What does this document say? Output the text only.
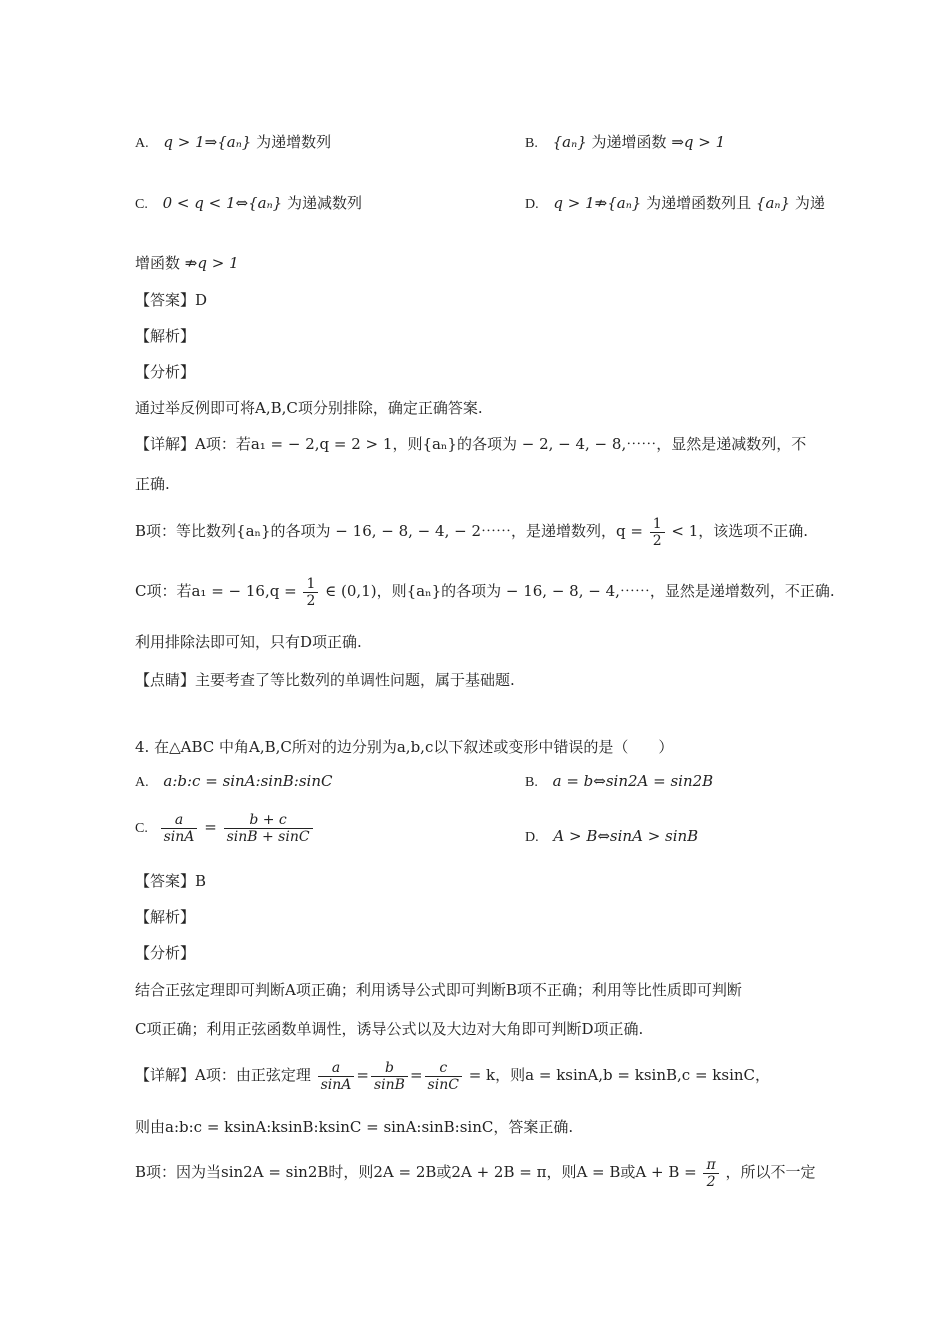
A. q > 1⇒{aₙ} 为递增数列	B. {aₙ} 为递增函数 ⇒q > 1
C. 0 < q < 1⇔{aₙ} 为递减数列	D. q > 1⇏{aₙ} 为递增函数列且 {aₙ} 为递
增函数 ⇏q > 1
【答案】D
【解析】
【分析】
通过举反例即可将A,B,C项分别排除，确定正确答案.
【详解】A项：若a₁ = − 2,q = 2 > 1，则{aₙ}的各项为 − 2, − 4, − 8,⋯⋯，显然是递减数列，不
正确.
B项：等比数列{aₙ}的各项为 − 16, − 8, − 4, − 2⋯⋯，是递增数列，$q = \frac{1}{2} < 1$，该选项不正确.
C项：若a₁ = − $16,q = \frac{1}{2}$ ∈ (0,1)，则{aₙ}的各项为 − 16, − 8, − 4,⋯⋯，显然是递增数列，不正确.
利用排除法即可知，只有D项正确.
【点睛】主要考查了等比数列的单调性问题，属于基础题.
4. 在△ABC 中角A,B,C所对的边分别为a,b,c以下叙述或变形中错误的是（　　）
A. a:b:c = sinA:sinB:sinC	B. a = b⇔sin2A = sin2B
C. $\frac{a}{\sin A} = \frac{b + c}{\sin B + \sin C}$	D. A > B⇔sinA > sinB
【答案】B
【解析】
【分析】
结合正弦定理即可判断A项正确；利用诱导公式即可判断B项不正确；利用等比性质即可判断
C项正确；利用正弦函数单调性，诱导公式以及大边对大角即可判断D项正确.
【详解】A项：由正弦定理 $\frac{a}{\sin A} = \frac{b}{\sin B} = \frac{c}{\sin C} = k$，则a = ksinA,b = ksinB,c = ksinC，
则由a:b:c = ksinA:ksinB:ksinC = sinA:sinB:sinC，答案正确.
B项：因为当sin2A = sin2B时，则2A = 2B或2A + 2B = π，则A = B或$A + B = \frac{\pi}{2}$ ，所以不一定
